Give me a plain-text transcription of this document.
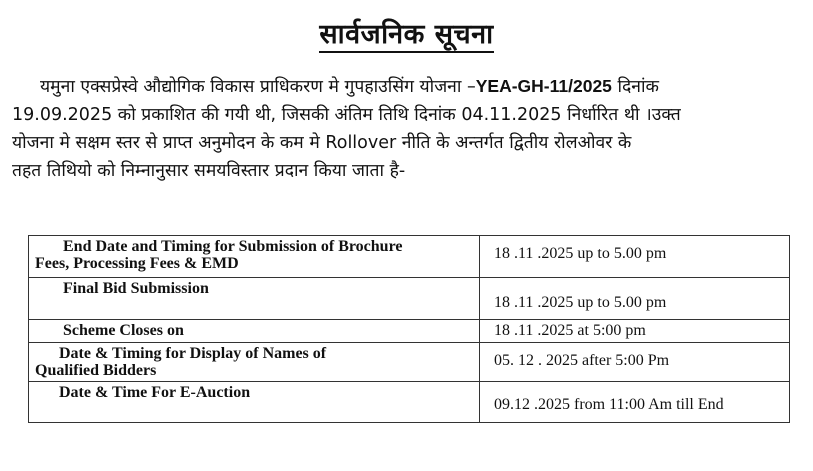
सार्वजनिक सूचना
यमुना एक्सप्रेस्वे औद्योगिक विकास प्राधिकरण मे गुपहाउसिंग योजना –YEA-GH-11/2025 दिनांक
19.09.2025 को प्रकाशित की गयी थी, जिसकी अंतिम तिथि दिनांक 04.11.2025 निर्धारित थी ।उक्त
योजना मे सक्षम स्तर से प्राप्त अनुमोदन के कम मे Rollover नीति के अन्तर्गत द्वितीय रोलओवर के
तहत तिथियो को निम्नानुसार समयविस्तार प्रदान किया जाता है-
End Date and Timing for Submission of Brochure
Fees, Processing Fees & EMD	18 .11 .2025 up to 5.00 pm

Final Bid Submission	18 .11 .2025 up to 5.00 pm

Scheme Closes on	18 .11 .2025 at 5:00 pm

Date & Timing for Display of Names of
Qualified Bidders	05. 12 . 2025 after 5:00 Pm

Date & Time For E-Auction	09.12 .2025 from 11:00 Am till End
